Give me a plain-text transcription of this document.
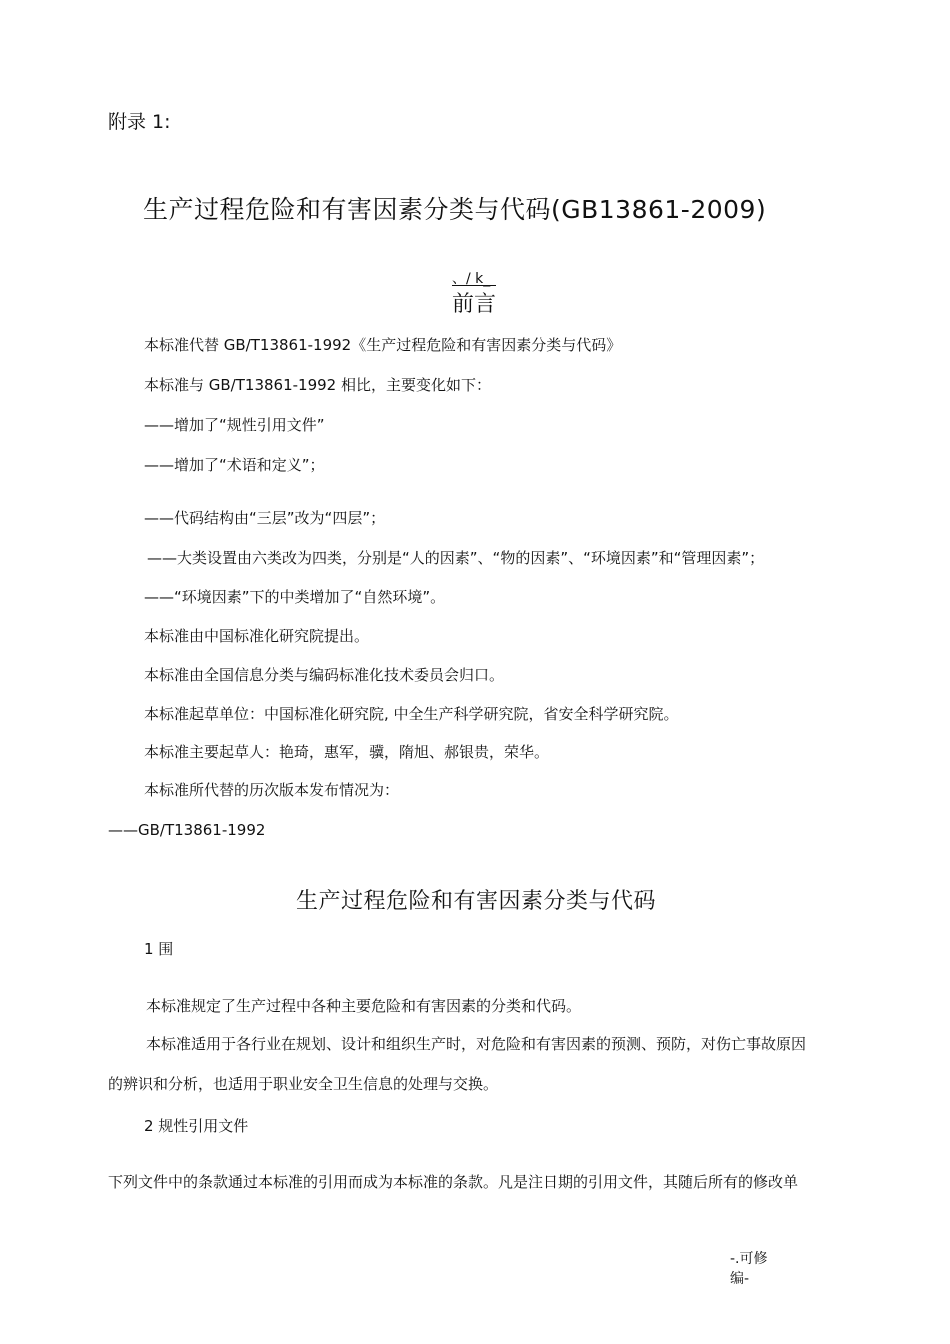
附录 1:
生产过程危险和有害因素分类与代码(GB13861-2009)
、/ k_
前言
本标准代替 GB/T13861-1992《生产过程危险和有害因素分类与代码》
本标准与 GB/T13861-1992 相比，主要变化如下：
——增加了“规性引用文件”
——增加了“术语和定义”；
——代码结构由“三层”改为“四层”；
——大类设置由六类改为四类，分别是“人的因素”、“物的因素”、“环境因素”和“管理因素”；
——“环境因素”下的中类增加了“自然环境”。
本标准由中国标准化研究院提出。
本标准由全国信息分类与编码标准化技术委员会归口。
本标准起草单位：中国标准化研究院, 中全生产科学研究院，省安全科学研究院。
本标准主要起草人：艳琦，惠军，骥，隋旭、郝银贵，荣华。
本标准所代替的历次版本发布情况为：
——GB/T13861-1992
生产过程危险和有害因素分类与代码
1 围
本标准规定了生产过程中各种主要危险和有害因素的分类和代码。
本标准适用于各行业在规划、设计和组织生产时，对危险和有害因素的预测、预防，对伤亡事故原因
的辨识和分析，也适用于职业安全卫生信息的处理与交换。
2 规性引用文件
下列文件中的条款通过本标准的引用而成为本标准的条款。凡是注日期的引用文件，其随后所有的修改单
-.可修
编-
